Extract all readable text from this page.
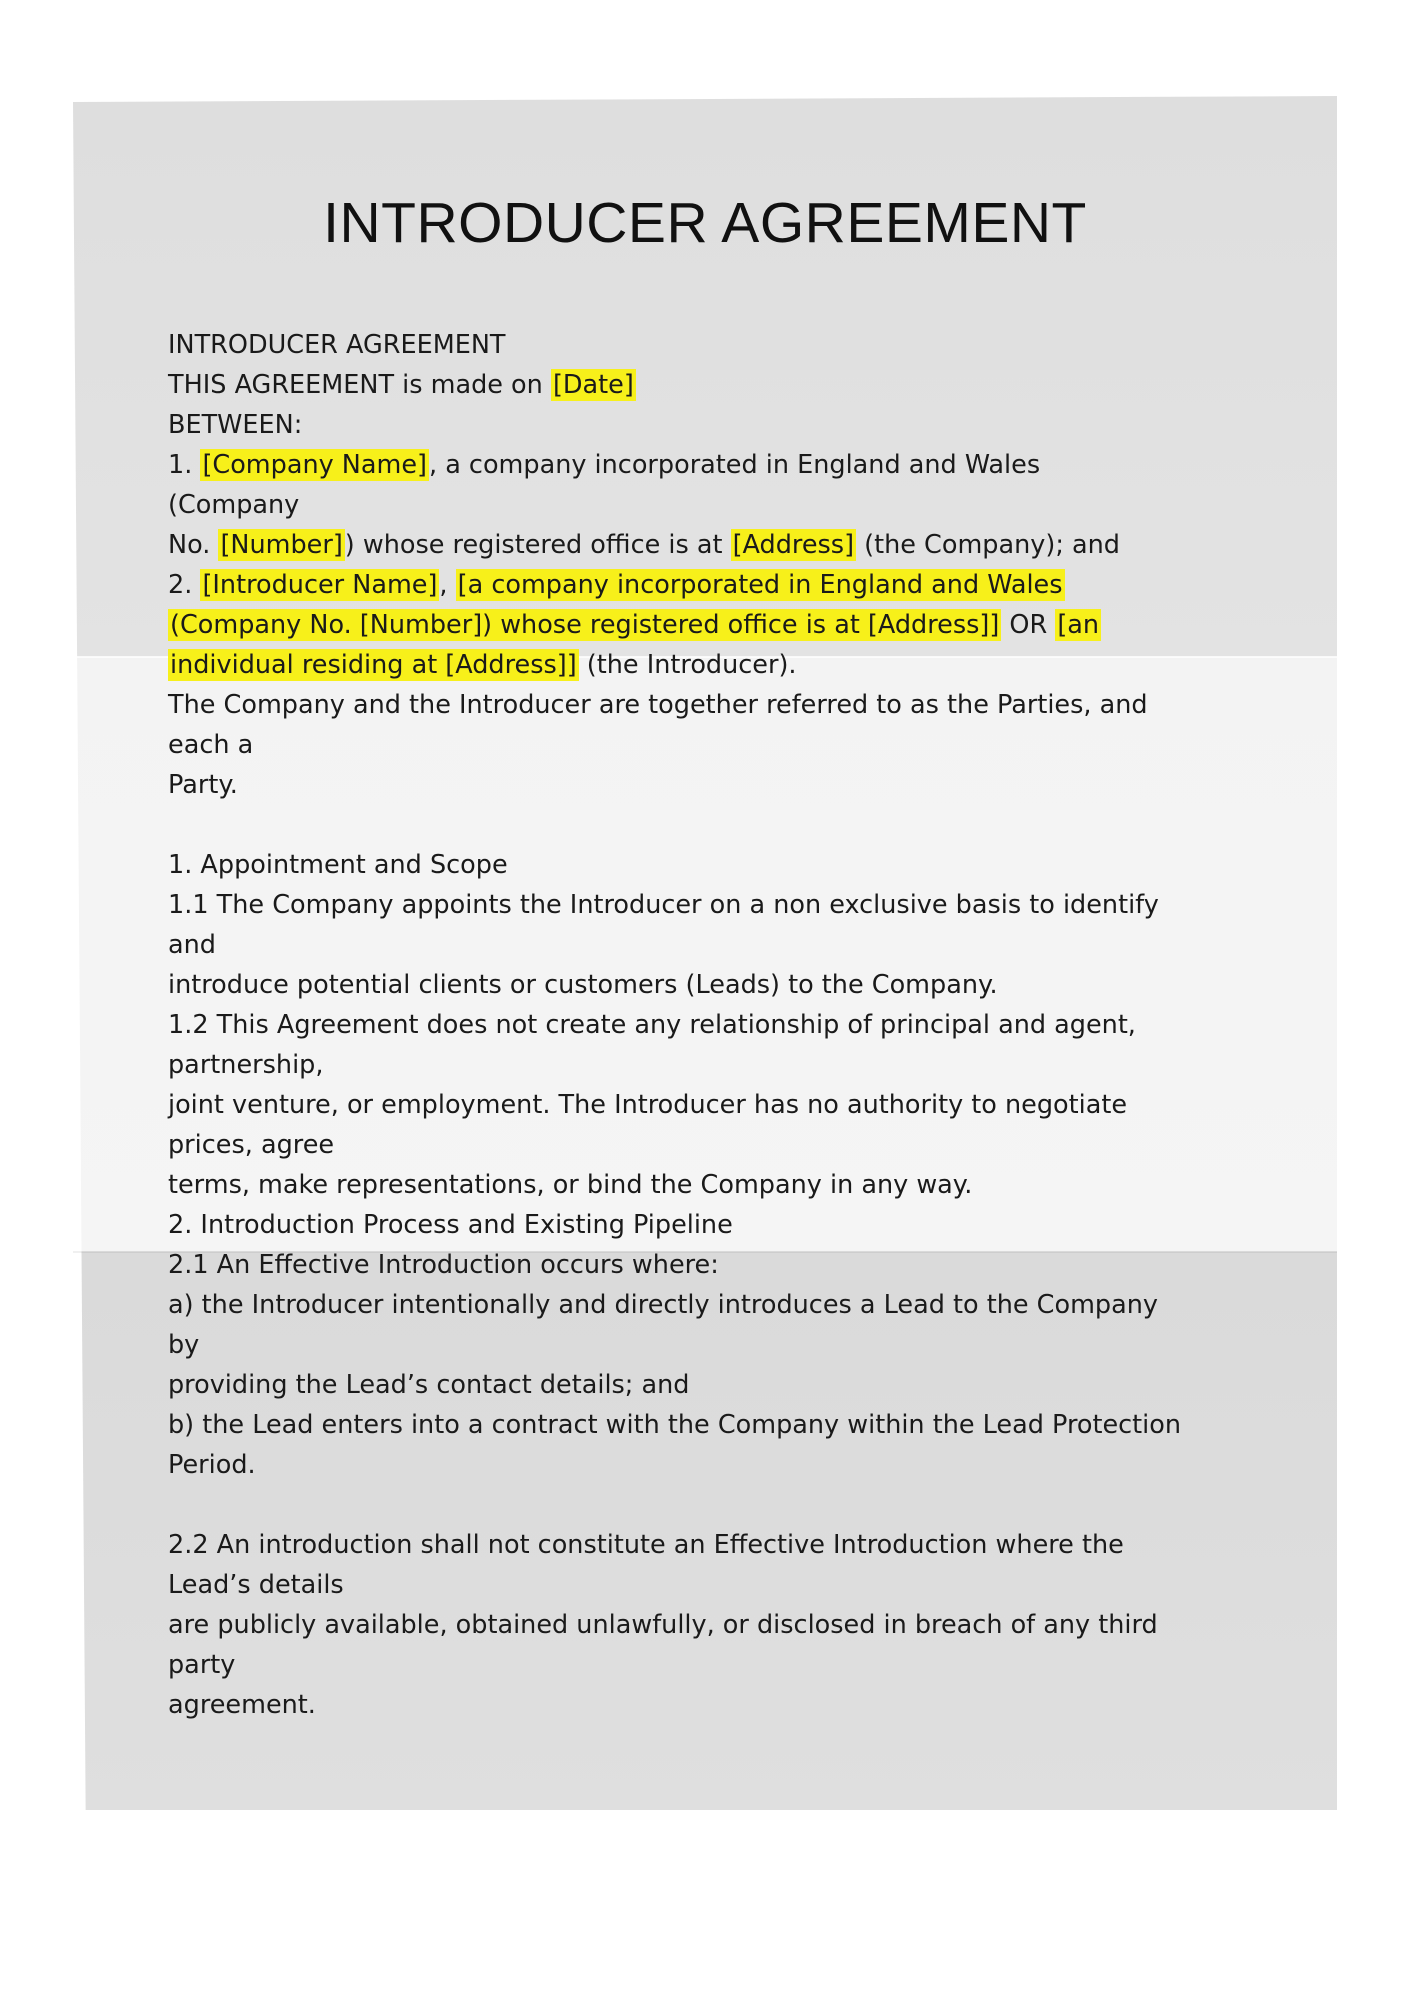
INTRODUCER AGREEMENT
INTRODUCER AGREEMENT
THIS AGREEMENT is made on [Date]
BETWEEN:
1. [Company Name], a company incorporated in England and Wales
(Company
No. [Number]) whose registered office is at [Address] (the Company); and
2. [Introducer Name], [a company incorporated in England and Wales
(Company No. [Number]) whose registered office is at [Address]] OR [an
individual residing at [Address]] (the Introducer).
The Company and the Introducer are together referred to as the Parties, and
each a
Party.
1. Appointment and Scope
1.1 The Company appoints the Introducer on a non exclusive basis to identify
and
introduce potential clients or customers (Leads) to the Company.
1.2 This Agreement does not create any relationship of principal and agent,
partnership,
joint venture, or employment. The Introducer has no authority to negotiate
prices, agree
terms, make representations, or bind the Company in any way.
2. Introduction Process and Existing Pipeline
2.1 An Effective Introduction occurs where:
a) the Introducer intentionally and directly introduces a Lead to the Company
by
providing the Lead’s contact details; and
b) the Lead enters into a contract with the Company within the Lead Protection
Period.
2.2 An introduction shall not constitute an Effective Introduction where the
Lead’s details
are publicly available, obtained unlawfully, or disclosed in breach of any third
party
agreement.
